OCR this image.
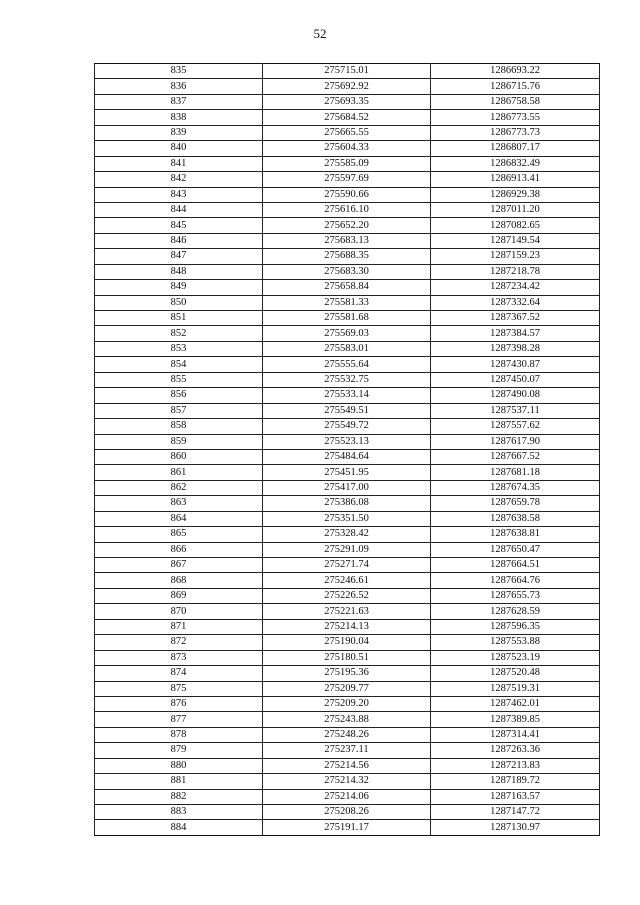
52
835	275715.01	1286693.22
836	275692.92	1286715.76
837	275693.35	1286758.58
838	275684.52	1286773.55
839	275665.55	1286773.73
840	275604.33	1286807.17
841	275585.09	1286832.49
842	275597.69	1286913.41
843	275590.66	1286929.38
844	275616.10	1287011.20
845	275652.20	1287082.65
846	275683.13	1287149.54
847	275688.35	1287159.23
848	275683.30	1287218.78
849	275658.84	1287234.42
850	275581.33	1287332.64
851	275581.68	1287367.52
852	275569.03	1287384.57
853	275583.01	1287398.28
854	275555.64	1287430.87
855	275532.75	1287450.07
856	275533.14	1287490.08
857	275549.51	1287537.11
858	275549.72	1287557.62
859	275523.13	1287617.90
860	275484.64	1287667.52
861	275451.95	1287681.18
862	275417.00	1287674.35
863	275386.08	1287659.78
864	275351.50	1287638.58
865	275328.42	1287638.81
866	275291.09	1287650.47
867	275271.74	1287664.51
868	275246.61	1287664.76
869	275226.52	1287655.73
870	275221.63	1287628.59
871	275214.13	1287596.35
872	275190.04	1287553.88
873	275180.51	1287523.19
874	275195.36	1287520.48
875	275209.77	1287519.31
876	275209.20	1287462.01
877	275243.88	1287389.85
878	275248.26	1287314.41
879	275237.11	1287263.36
880	275214.56	1287213.83
881	275214.32	1287189.72
882	275214.06	1287163.57
883	275208.26	1287147.72
884	275191.17	1287130.97
